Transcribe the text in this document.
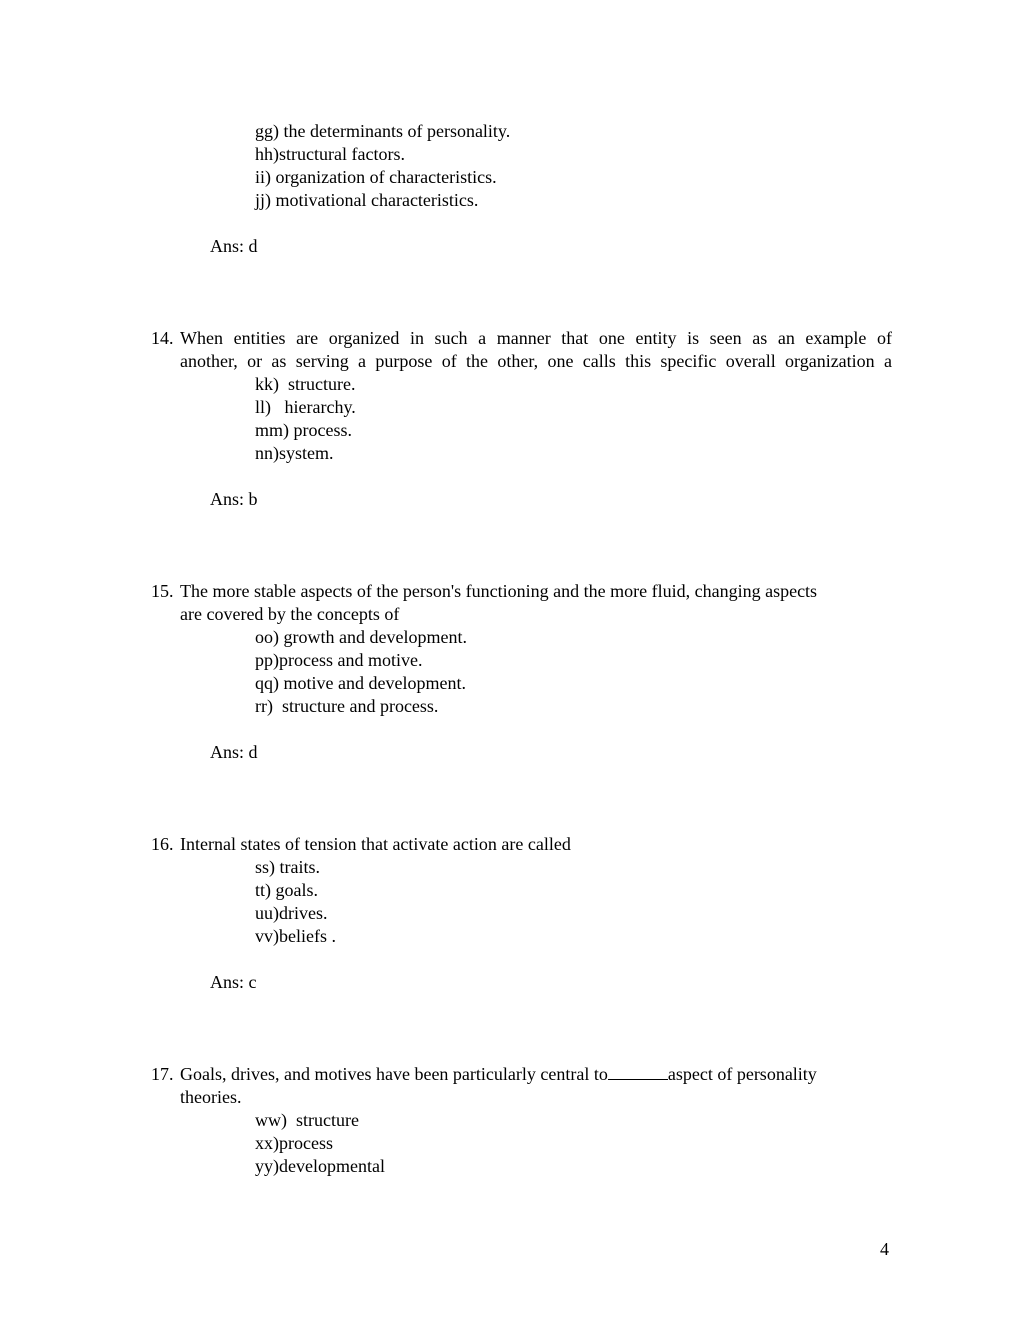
gg) the determinants of personality.
hh)structural factors.
ii) organization of characteristics.
jj) motivational characteristics.
Ans: d
14. When entities are organized in such a manner that one entity is seen as an example of
another, or as serving a purpose of the other, one calls this specific overall organization a
kk) structure.
ll) hierarchy.
mm) process.
nn)system.
Ans: b
15. The more stable aspects of the person's functioning and the more fluid, changing aspects
are covered by the concepts of
oo) growth and development.
pp)process and motive.
qq) motive and development.
rr) structure and process.
Ans: d
16. Internal states of tension that activate action are called
ss) traits.
tt) goals.
uu)drives.
vv)beliefs .
Ans: c
17. Goals, drives, and motives have been particularly central to	aspect of personality
theories.
ww) structure
xx)process
yy)developmental
4
